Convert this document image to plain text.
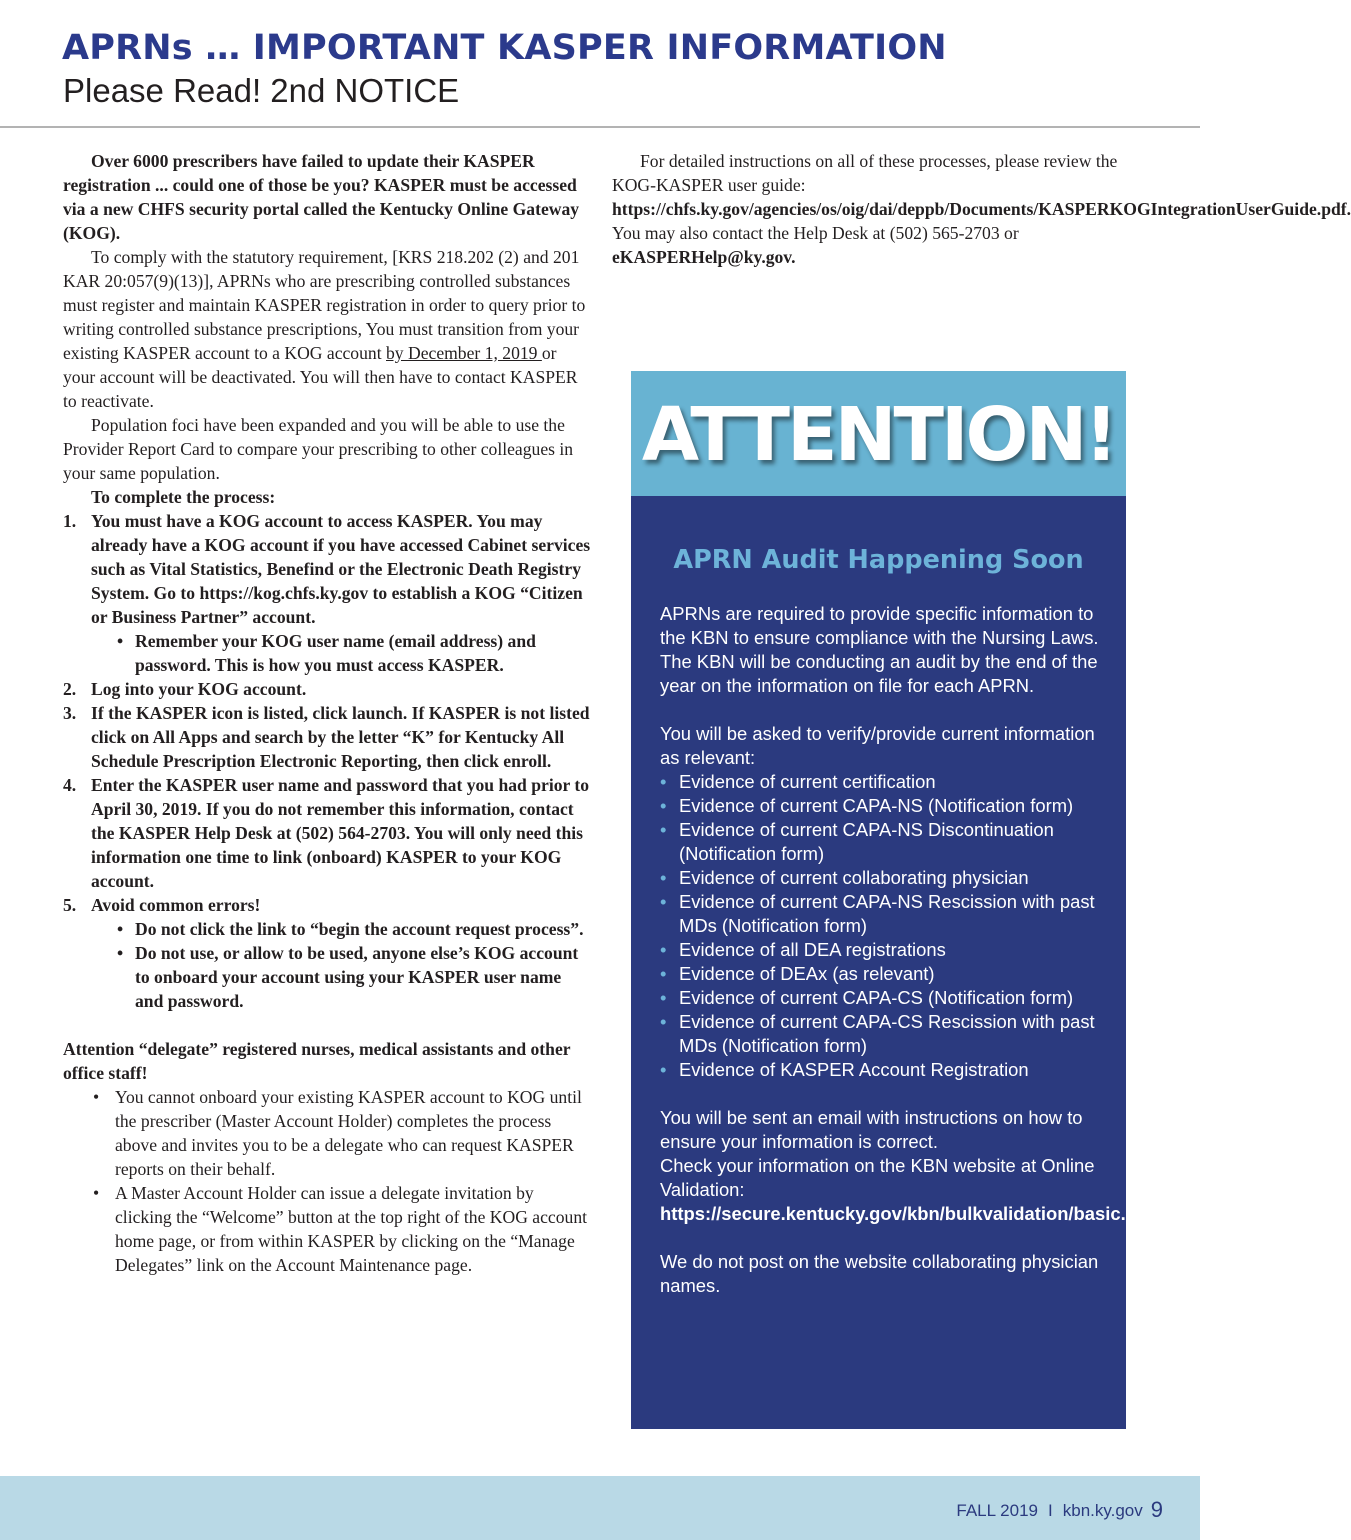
APRNs … IMPORTANT KASPER INFORMATION
Please Read! 2nd NOTICE

Over 6000 prescribers have failed to update their KASPER registration ... could one of those be you? KASPER must be accessed via a new CHFS security portal called the Kentucky Online Gateway (KOG).

To comply with the statutory requirement, [KRS 218.202 (2) and 201 KAR 20:057(9)(13)], APRNs who are prescribing controlled substances must register and maintain KASPER registration in order to query prior to writing controlled substance prescriptions, You must transition from your existing KASPER account to a KOG account by December 1, 2019 or your account will be deactivated. You will then have to contact KASPER to reactivate.

Population foci have been expanded and you will be able to use the Provider Report Card to compare your prescribing to other colleagues in your same population.

To complete the process:

1. You must have a KOG account to access KASPER. You may already have a KOG account if you have accessed Cabinet services such as Vital Statistics, Benefind or the Electronic Death Registry System. Go to https://kog.chfs.ky.gov to establish a KOG “Citizen or Business Partner” account.
• Remember your KOG user name (email address) and password. This is how you must access KASPER.
2. Log into your KOG account.
3. If the KASPER icon is listed, click launch. If KASPER is not listed click on All Apps and search by the letter “K” for Kentucky All Schedule Prescription Electronic Reporting, then click enroll.
4. Enter the KASPER user name and password that you had prior to April 30, 2019. If you do not remember this information, contact the KASPER Help Desk at (502) 564-2703. You will only need this information one time to link (onboard) KASPER to your KOG account.
5. Avoid common errors!
• Do not click the link to “begin the account request process”.
• Do not use, or allow to be used, anyone else’s KOG account to onboard your account using your KASPER user name and password.

Attention “delegate” registered nurses, medical assistants and other office staff!

• You cannot onboard your existing KASPER account to KOG until the prescriber (Master Account Holder) completes the process above and invites you to be a delegate who can request KASPER reports on their behalf.
• A Master Account Holder can issue a delegate invitation by clicking the “Welcome” button at the top right of the KOG account home page, or from within KASPER by clicking on the “Manage Delegates” link on the Account Maintenance page.

For detailed instructions on all of these processes, please review the KOG-KASPER user guide: https://chfs.ky.gov/agencies/os/oig/dai/deppb/Documents/KASPERKOGIntegrationUserGuide.pdf. You may also contact the Help Desk at (502) 565-2703 or eKASPERHelp@ky.gov.

ATTENTION!
APRN Audit Happening Soon

APRNs are required to provide specific information to the KBN to ensure compliance with the Nursing Laws. The KBN will be conducting an audit by the end of the year on the information on file for each APRN.

You will be asked to verify/provide current information as relevant:

• Evidence of current certification
• Evidence of current CAPA-NS (Notification form)
• Evidence of current CAPA-NS Discontinuation (Notification form)
• Evidence of current collaborating physician
• Evidence of current CAPA-NS Rescission with past MDs (Notification form)
• Evidence of all DEA registrations
• Evidence of DEAx (as relevant)
• Evidence of current CAPA-CS (Notification form)
• Evidence of current CAPA-CS Rescission with past MDs (Notification form)
• Evidence of KASPER Account Registration

You will be sent an email with instructions on how to ensure your information is correct.

Check your information on the KBN website at Online Validation:

https://secure.kentucky.gov/kbn/bulkvalidation/basic.aspx

We do not post on the website collaborating physician names.

FALL 2019 I kbn.ky.gov 9
